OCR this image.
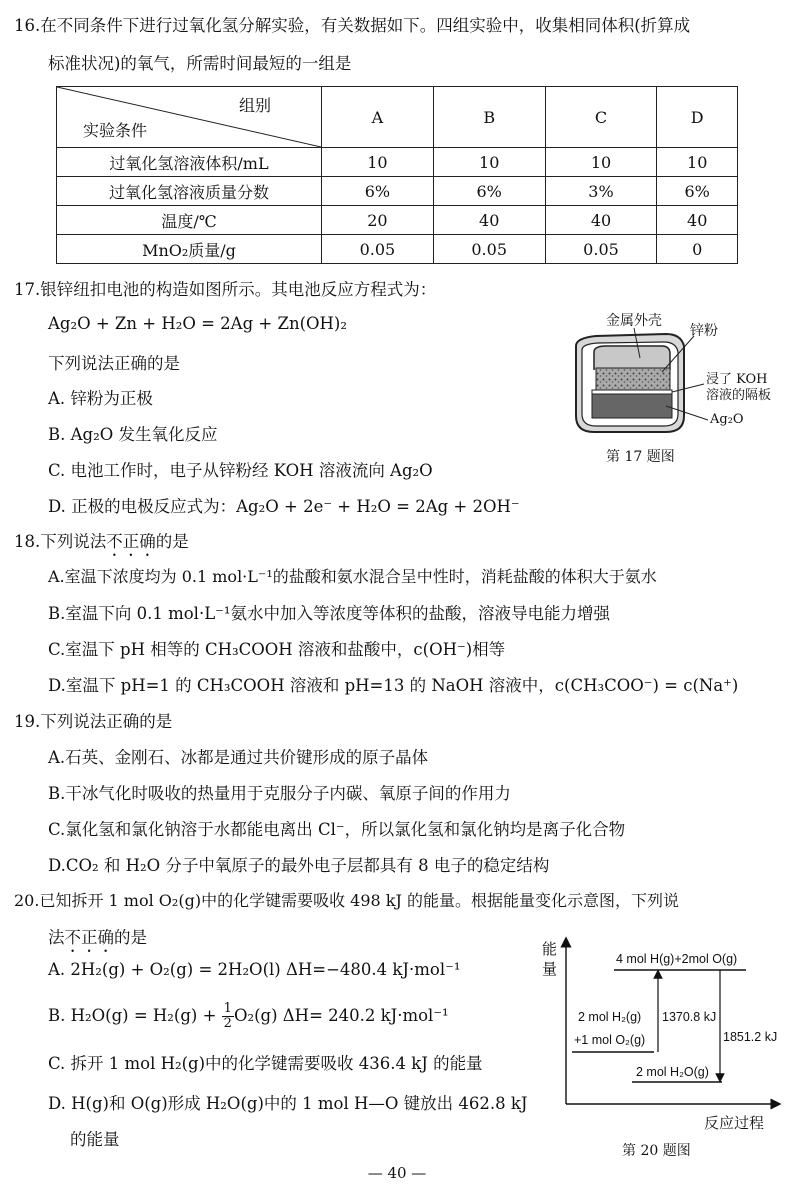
16.在不同条件下进行过氧化氢分解实验，有关数据如下。四组实验中，收集相同体积(折算成
标准状况)的氧气，所需时间最短的一组是
组别
实验条件	A	B	C	D
过氧化氢溶液体积/mL	10	10	10	10
过氧化氢溶液质量分数	6%	6%	3%	6%
温度/℃	20	40	40	40
MnO₂质量/g	0.05	0.05	0.05	0
17.银锌纽扣电池的构造如图所示。其电池反应方程式为：
Ag₂O + Zn + H₂O = 2Ag + Zn(OH)₂
下列说法正确的是
A. 锌粉为正极
B. Ag₂O 发生氧化反应
C. 电池工作时，电子从锌粉经 KOH 溶液流向 Ag₂O
D. 正极的电极反应式为：Ag₂O + 2e⁻ + H₂O = 2Ag + 2OH⁻
金属外壳
锌粉
浸了 KOH
溶液的隔板
Ag₂O
第 17 题图
18.下列说法不正确的是
A.室温下浓度均为 0.1 mol·L⁻¹的盐酸和氨水混合呈中性时，消耗盐酸的体积大于氨水
B.室温下向 0.1 mol·L⁻¹氨水中加入等浓度等体积的盐酸，溶液导电能力增强
C.室温下 pH 相等的 CH₃COOH 溶液和盐酸中，c(OH⁻)相等
D.室温下 pH=1 的 CH₃COOH 溶液和 pH=13 的 NaOH 溶液中，c(CH₃COO⁻) = c(Na⁺)
19.下列说法正确的是
A.石英、金刚石、冰都是通过共价键形成的原子晶体
B.干冰气化时吸收的热量用于克服分子内碳、氧原子间的作用力
C.氯化氢和氯化钠溶于水都能电离出 Cl⁻，所以氯化氢和氯化钠均是离子化合物
D.CO₂ 和 H₂O 分子中氧原子的最外电子层都具有 8 电子的稳定结构
20.已知拆开 1 mol O₂(g)中的化学键需要吸收 498 kJ 的能量。根据能量变化示意图，下列说
法不正确的是
A. 2H₂(g) + O₂(g) = 2H₂O(l) ΔH=−480.4 kJ·mol⁻¹
B. $H_2O(g) = H_2(g) + \frac{1}{2} O_2(g)$ ΔH= 240.2 kJ·mol⁻¹
C. 拆开 1 mol H₂(g)中的化学键需要吸收 436.4 kJ 的能量
D. H(g)和 O(g)形成 H₂O(g)中的 1 mol H—O 键放出 462.8 kJ
的能量
能
量
4 mol H(g)+2mol O(g)
2 mol H₂(g)
+1 mol O₂(g)
2 mol H₂O(g)
1370.8 kJ
1851.2 kJ
反应过程
第 20 题图
— 40 —
